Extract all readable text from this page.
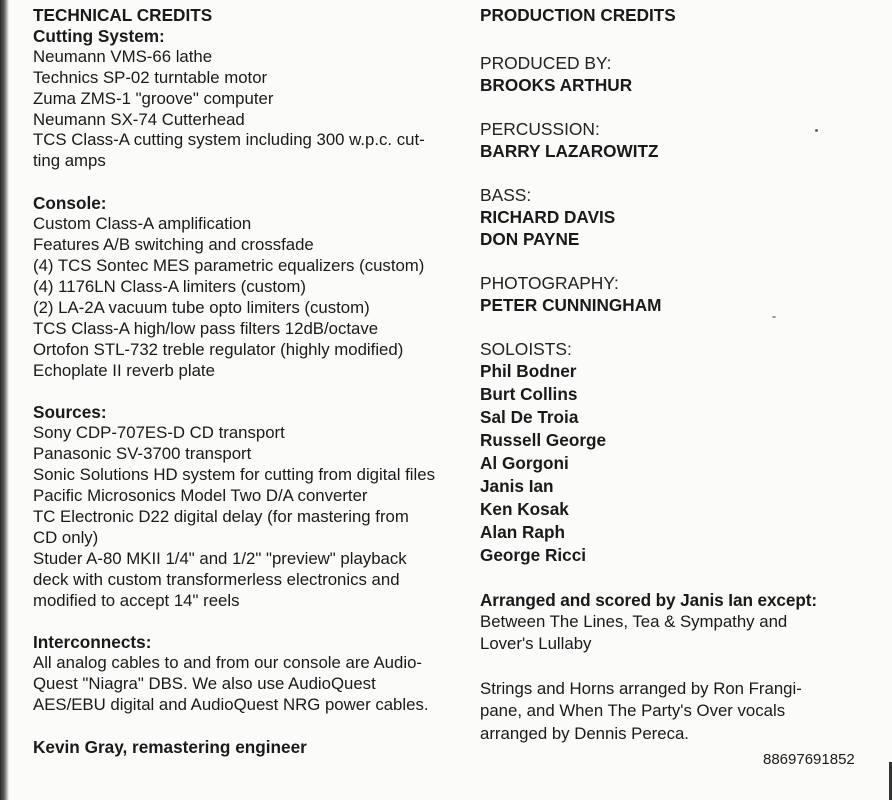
TECHNICAL CREDITS
Cutting System:
Neumann VMS-66 lathe
Technics SP-02 turntable motor
Zuma ZMS-1 "groove" computer
Neumann SX-74 Cutterhead
TCS Class-A cutting system including 300 w.p.c. cut-
ting amps
Console:
Custom Class-A amplification
Features A/B switching and crossfade
(4) TCS Sontec MES parametric equalizers (custom)
(4) 1176LN Class-A limiters (custom)
(2) LA-2A vacuum tube opto limiters (custom)
TCS Class-A high/low pass filters 12dB/octave
Ortofon STL-732 treble regulator (highly modified)
Echoplate II reverb plate
Sources:
Sony CDP-707ES-D CD transport
Panasonic SV-3700 transport
Sonic Solutions HD system for cutting from digital files
Pacific Microsonics Model Two D/A converter
TC Electronic D22 digital delay (for mastering from
CD only)
Studer A-80 MKII 1/4" and 1/2" "preview" playback
deck with custom transformerless electronics and
modified to accept 14" reels
Interconnects:
All analog cables to and from our console are Audio-
Quest "Niagra" DBS. We also use AudioQuest
AES/EBU digital and AudioQuest NRG power cables.
Kevin Gray, remastering engineer
PRODUCTION CREDITS
PRODUCED BY:
BROOKS ARTHUR
PERCUSSION:
BARRY LAZAROWITZ
BASS:
RICHARD DAVIS
DON PAYNE
PHOTOGRAPHY:
PETER CUNNINGHAM
SOLOISTS:
Phil Bodner
Burt Collins
Sal De Troia
Russell George
Al Gorgoni
Janis Ian
Ken Kosak
Alan Raph
George Ricci
Arranged and scored by Janis Ian except:
Between The Lines, Tea & Sympathy and
Lover's Lullaby
Strings and Horns arranged by Ron Frangi-
pane, and When The Party's Over vocals
arranged by Dennis Pereca.
88697691852
